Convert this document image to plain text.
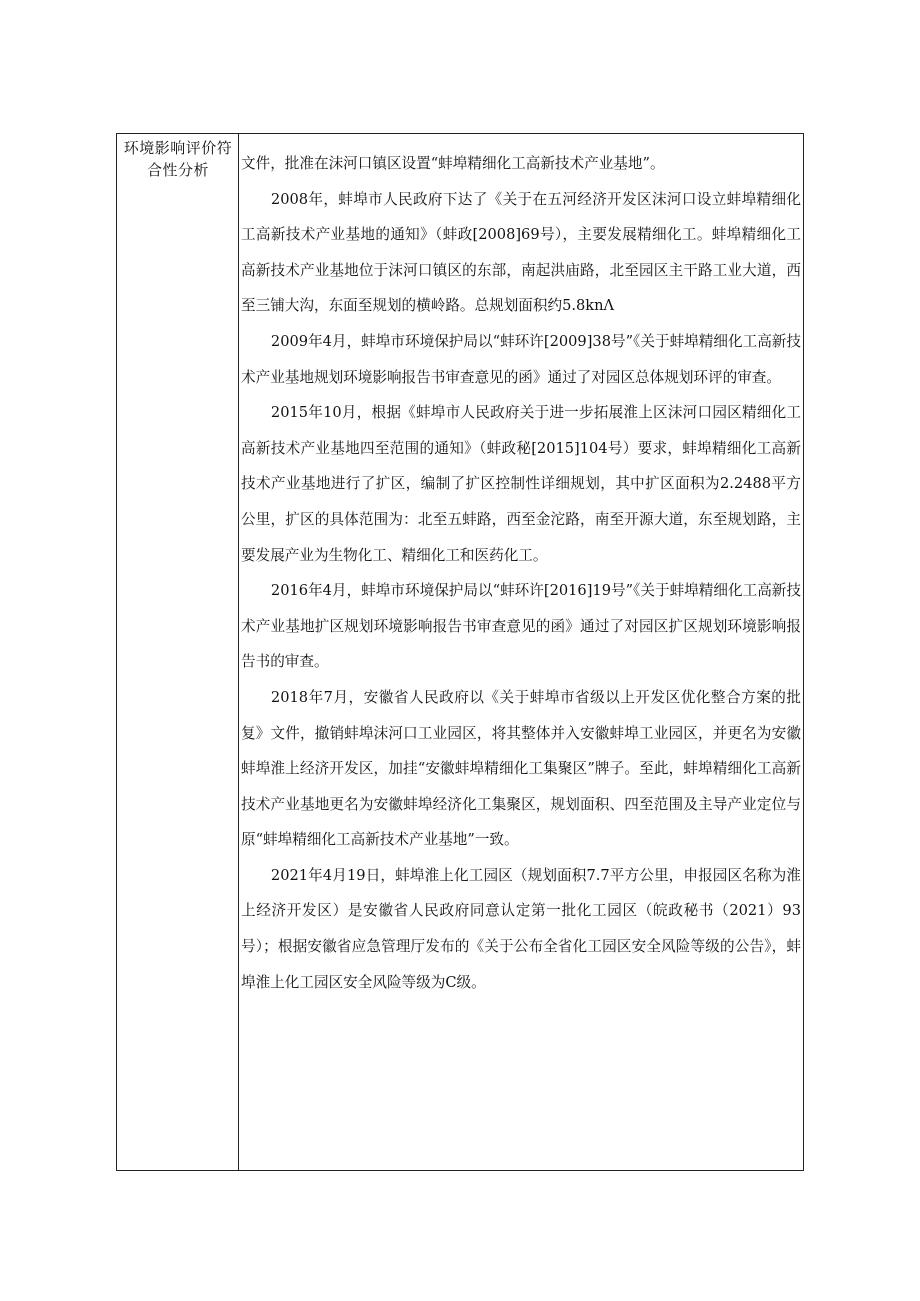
环境影响评价符合性分析	文件，批准在沫河口镇区设置“蚌埠精细化工高新技术产业基地”。

2008年，蚌埠市人民政府下达了《关于在五河经济开发区沫河口设立蚌埠精细化工高新技术产业基地的通知》（蚌政[2008]69号），主要发展精细化工。蚌埠精细化工高新技术产业基地位于沫河口镇区的东部，南起洪庙路，北至园区主干路工业大道，西至三铺大沟，东面至规划的横岭路。总规划面积约5.8knΛ

2009年4月，蚌埠市环境保护局以“蚌环许[2009]38号”《关于蚌埠精细化工高新技术产业基地规划环境影响报告书审查意见的函》通过了对园区总体规划环评的审查。

2015年10月，根据《蚌埠市人民政府关于进一步拓展淮上区沫河口园区精细化工高新技术产业基地四至范围的通知》（蚌政秘[2015]104号）要求，蚌埠精细化工高新技术产业基地进行了扩区，编制了扩区控制性详细规划，其中扩区面积为2.2488平方公里，扩区的具体范围为：北至五蚌路，西至金沱路，南至开源大道，东至规划路，主要发展产业为生物化工、精细化工和医药化工。

2016年4月，蚌埠市环境保护局以“蚌环许[2016]19号”《关于蚌埠精细化工高新技术产业基地扩区规划环境影响报告书审查意见的函》通过了对园区扩区规划环境影响报告书的审查。

2018年7月，安徽省人民政府以《关于蚌埠市省级以上开发区优化整合方案的批复》文件，撤销蚌埠沫河口工业园区，将其整体并入安徽蚌埠工业园区，并更名为安徽蚌埠淮上经济开发区，加挂“安徽蚌埠精细化工集聚区”牌子。至此，蚌埠精细化工高新技术产业基地更名为安徽蚌埠经济化工集聚区，规划面积、四至范围及主导产业定位与原“蚌埠精细化工高新技术产业基地”一致。

2021年4月19日，蚌埠淮上化工园区（规划面积7.7平方公里，申报园区名称为淮上经济开发区）是安徽省人民政府同意认定第一批化工园区（皖政秘书（2021）93号）；根据安徽省应急管理厅发布的《关于公布全省化工园区安全风险等级的公告》，蚌埠淮上化工园区安全风险等级为C级。
